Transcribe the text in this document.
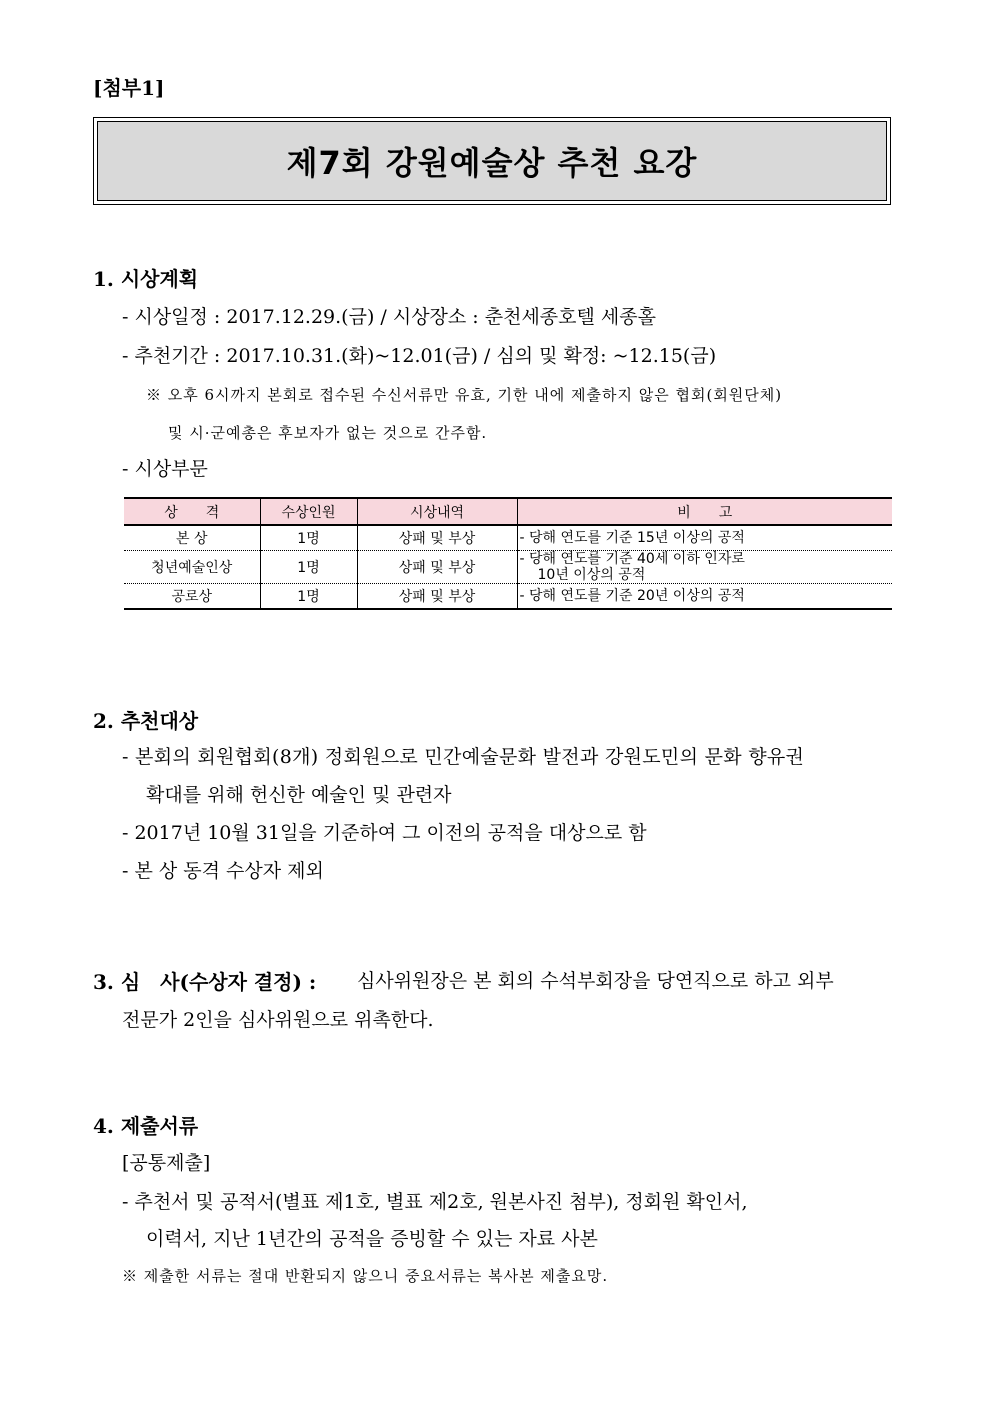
[첨부1]
제7회 강원예술상 추천 요강
1. 시상계획
- 시상일정 : 2017.12.29.(금) / 시상장소 : 춘천세종호텔 세종홀
- 추천기간 : 2017.10.31.(화)~12.01(금) / 심의 및 확정: ~12.15(금)
※ 오후 6시까지 본회로 접수된 수신서류만 유효, 기한 내에 제출하지 않은 협회(회원단체)
및 시·군예총은 후보자가 없는 것으로 간주함.
- 시상부문
상　　격	수상인원	시상내역	비　　고
본 상	1명	상패 및 부상	- 당해 연도를 기준 15년 이상의 공적
청년예술인상	1명	상패 및 부상	- 당해 연도를 기준 40세 이하 인자로
10년 이상의 공적

공로상	1명	상패 및 부상	- 당해 연도를 기준 20년 이상의 공적
2. 추천대상
- 본회의 회원협회(8개) 정회원으로 민간예술문화 발전과 강원도민의 문화 향유권
확대를 위해 헌신한 예술인 및 관련자
- 2017년 10월 31일을 기준하여 그 이전의 공적을 대상으로 함
- 본 상 동격 수상자 제외
3. 심　사(수상자 결정) : 심사위원장은 본 회의 수석부회장을 당연직으로 하고 외부
전문가 2인을 심사위원으로 위촉한다.
4. 제출서류
[공통제출]
- 추천서 및 공적서(별표 제1호, 별표 제2호, 원본사진 첨부), 정회원 확인서,
이력서, 지난 1년간의 공적을 증빙할 수 있는 자료 사본
※ 제출한 서류는 절대 반환되지 않으니 중요서류는 복사본 제출요망.
